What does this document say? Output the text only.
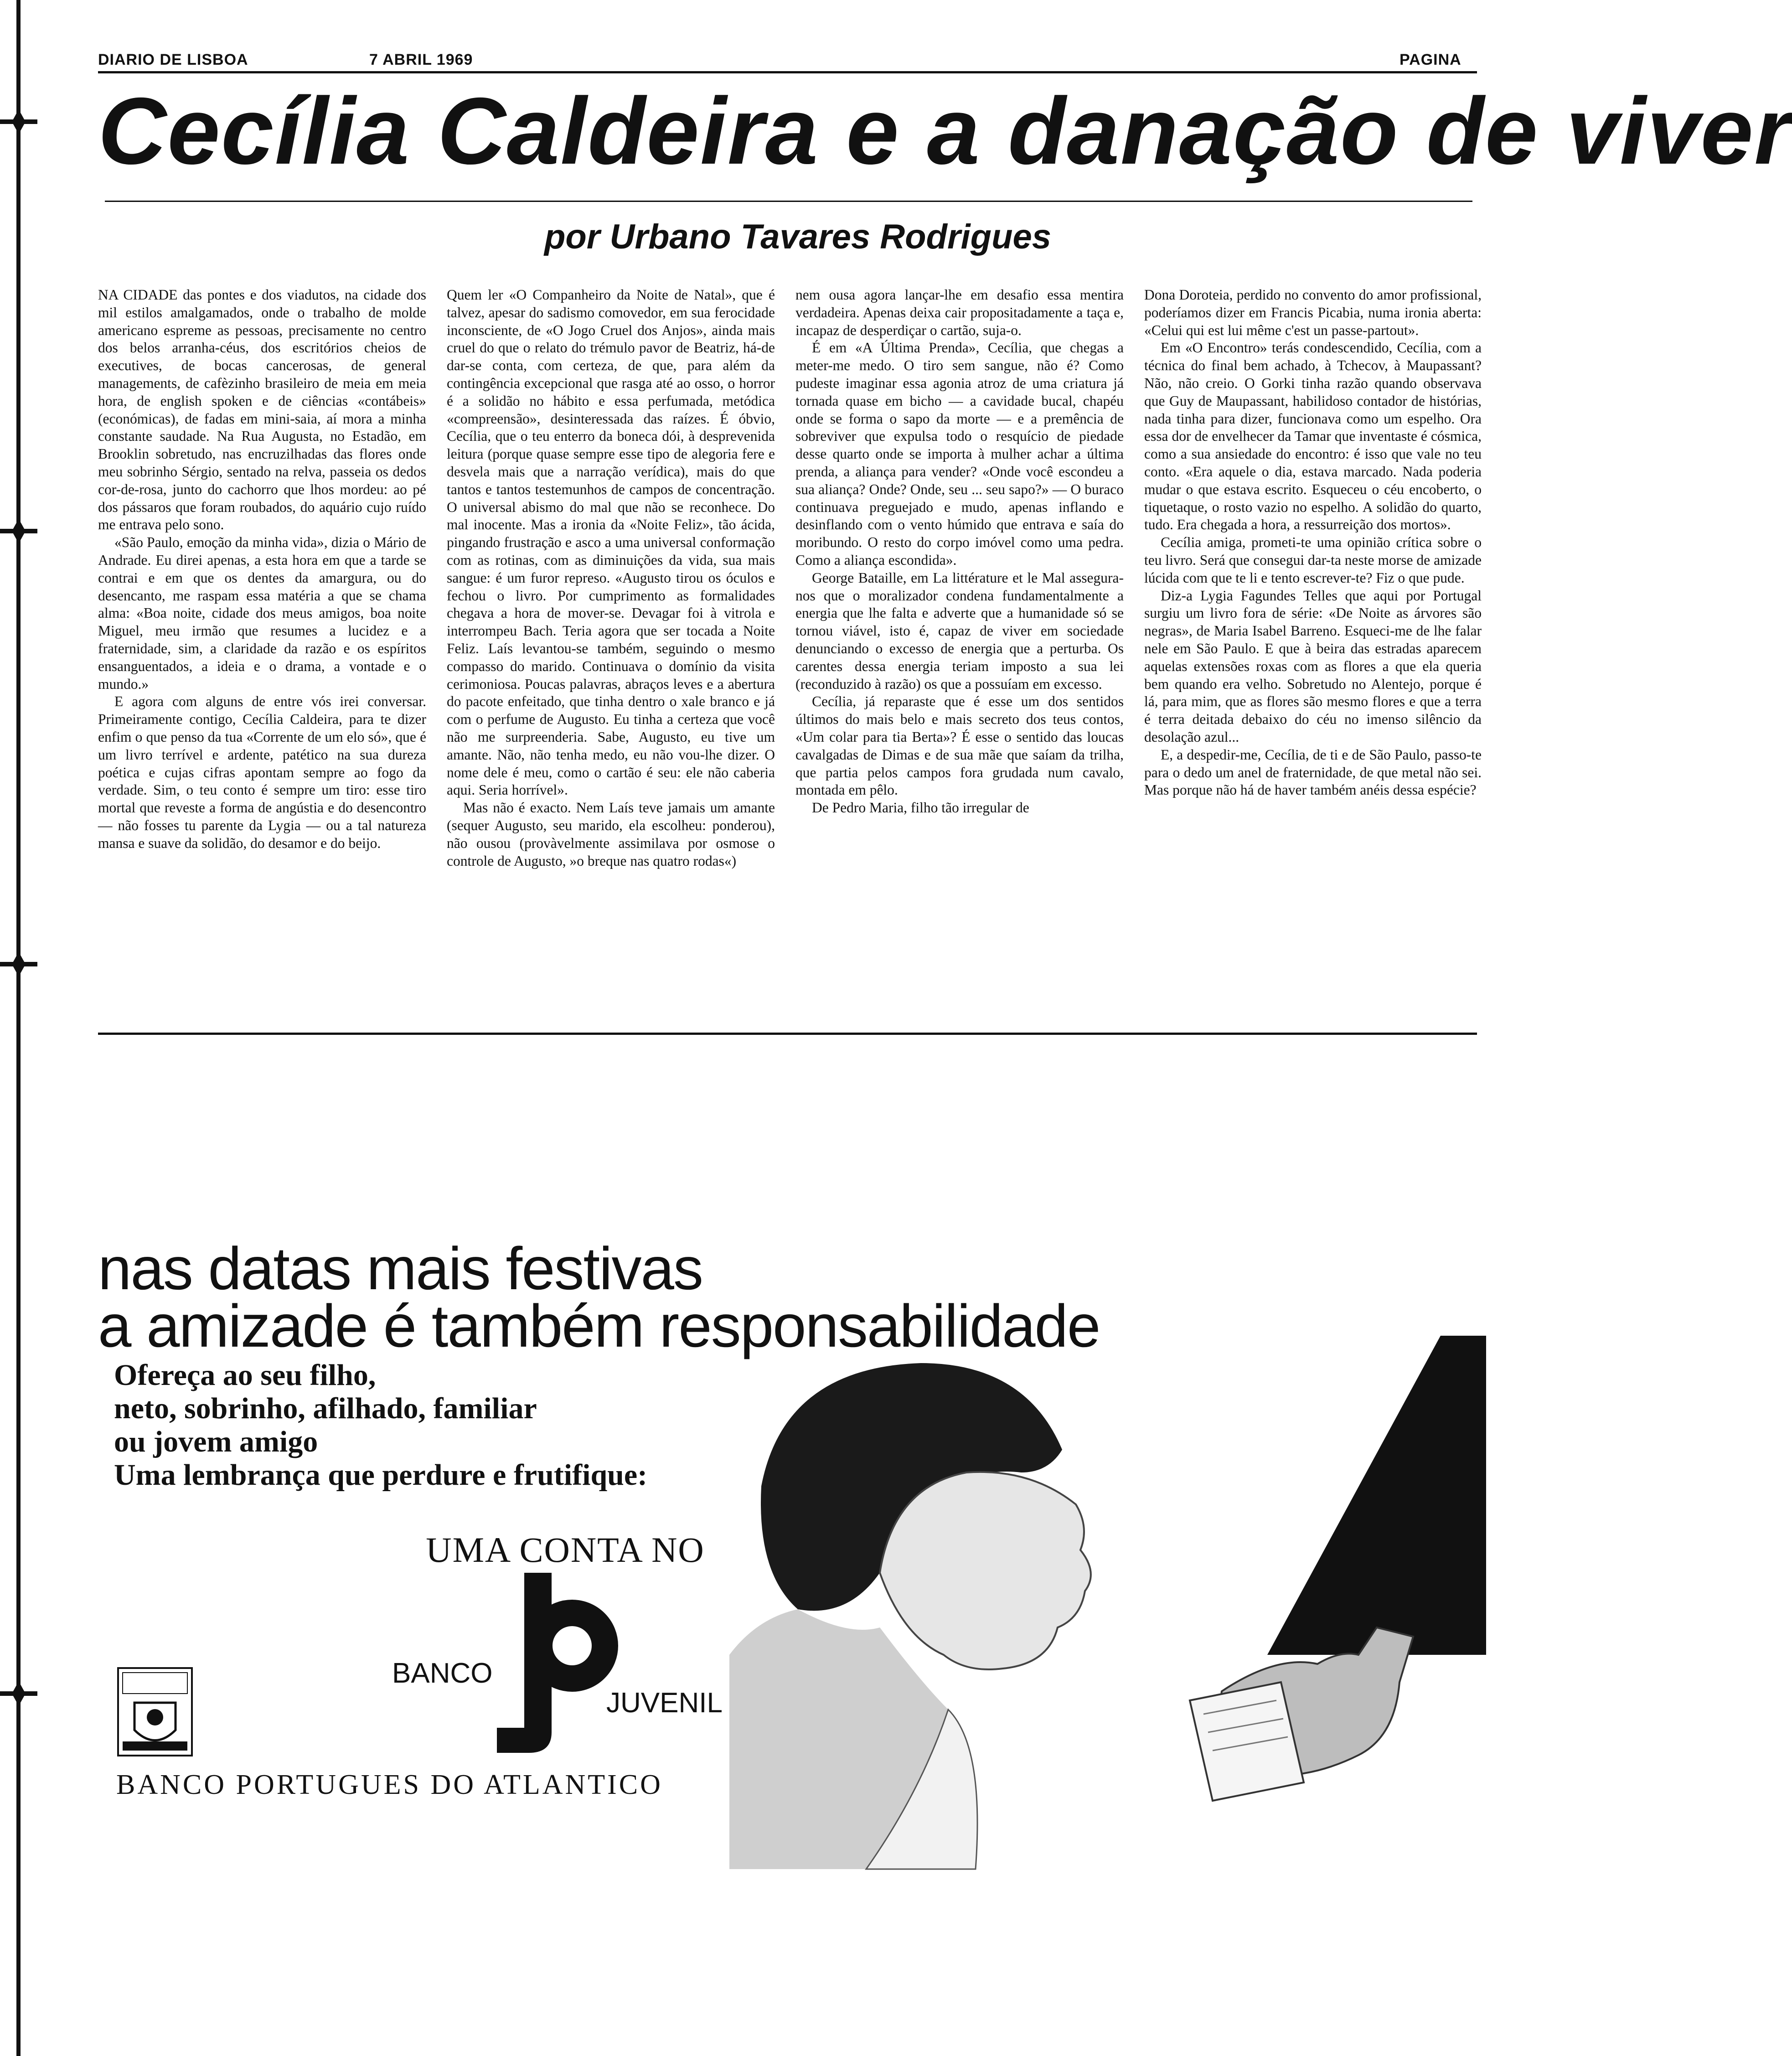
DIARIO DE LISBOA	7 ABRIL 1969	PAGINA
Cecília Caldeira e a danação de viver
por Urbano Tavares Rodrigues

NA CIDADE das pontes e dos viadutos, na cidade dos mil estilos amalgamados, onde o trabalho de molde americano espreme as pessoas, precisamente no centro dos belos arranha-céus, dos escritórios cheios de executives, de bocas cancerosas, de general managements, de cafèzinho brasileiro de meia em meia hora, de english spoken e de ciências «contábeis» (económicas), de fadas em mini-saia, aí mora a minha constante saudade. Na Rua Augusta, no Estadão, em Brooklin sobretudo, nas encruzilhadas das flores onde meu sobrinho Sérgio, sentado na relva, passeia os dedos cor-de-rosa, junto do cachorro que lhos mordeu: ao pé dos pássaros que foram roubados, do aquário cujo ruído me entrava pelo sono.

«São Paulo, emoção da minha vida», dizia o Mário de Andrade. Eu direi apenas, a esta hora em que a tarde se contrai e em que os dentes da amargura, ou do desencanto, me raspam essa matéria a que se chama alma: «Boa noite, cidade dos meus amigos, boa noite Miguel, meu irmão que resumes a lucidez e a fraternidade, sim, a claridade da razão e os espíritos ensanguentados, a ideia e o drama, a vontade e o mundo.»

E agora com alguns de entre vós irei conversar. Primeiramente contigo, Cecília Caldeira, para te dizer enfim o que penso da tua «Corrente de um elo só», que é um livro terrível e ardente, patético na sua dureza poética e cujas cifras apontam sempre ao fogo da verdade. Sim, o teu conto é sempre um tiro: esse tiro mortal que reveste a forma de angústia e do desencontro — não fosses tu parente da Lygia — ou a tal natureza mansa e suave da solidão, do desamor e do beijo.

Quem ler «O Companheiro da Noite de Natal», que é talvez, apesar do sadismo comovedor, em sua ferocidade inconsciente, de «O Jogo Cruel dos Anjos», ainda mais cruel do que o relato do trémulo pavor de Beatriz, há-de dar-se conta, com certeza, de que, para além da contingência excepcional que rasga até ao osso, o horror é a solidão no hábito e essa perfumada, metódica «compreensão», desinteressada das raízes. É óbvio, Cecília, que o teu enterro da boneca dói, à desprevenida leitura (porque quase sempre esse tipo de alegoria fere e desvela mais que a narração verídica), mais do que tantos e tantos testemunhos de campos de concentração. O universal abismo do mal que não se reconhece. Do mal inocente. Mas a ironia da «Noite Feliz», tão ácida, pingando frustração e asco a uma universal conformação com as rotinas, com as diminuições da vida, sua mais sangue: é um furor represo. «Augusto tirou os óculos e fechou o livro. Por cumprimento as formalidades chegava a hora de mover-se. Devagar foi à vitrola e interrompeu Bach. Teria agora que ser tocada a Noite Feliz. Laís levantou-se também, seguindo o mesmo compasso do marido. Continuava o domínio da visita cerimoniosa. Poucas palavras, abraços leves e a abertura do pacote enfeitado, que tinha dentro o xale branco e já com o perfume de Augusto. Eu tinha a certeza que você não me surpreenderia. Sabe, Augusto, eu tive um amante. Não, não tenha medo, eu não vou-lhe dizer. O nome dele é meu, como o cartão é seu: ele não caberia aqui. Seria horrível».

Mas não é exacto. Nem Laís teve jamais um amante (sequer Augusto, seu marido, ela escolheu: ponderou), não ousou (provàvelmente assimilava por osmose o controle de Augusto, »o breque nas quatro rodas«)

nem ousa agora lançar-lhe em desafio essa mentira verdadeira. Apenas deixa cair propositadamente a taça e, incapaz de desperdiçar o cartão, suja-o.

É em «A Última Prenda», Cecília, que chegas a meter-me medo. O tiro sem sangue, não é? Como pudeste imaginar essa agonia atroz de uma criatura já tornada quase em bicho — a cavidade bucal, chapéu onde se forma o sapo da morte — e a premência de sobreviver que expulsa todo o resquício de piedade desse quarto onde se importa à mulher achar a última prenda, a aliança para vender? «Onde você escondeu a sua aliança? Onde? Onde, seu ... seu sapo?» — O buraco continuava preguejado e mudo, apenas inflando e desinflando com o vento húmido que entrava e saía do moribundo. O resto do corpo imóvel como uma pedra. Como a aliança escondida».

George Bataille, em La littérature et le Mal assegura-nos que o moralizador condena fundamentalmente a energia que lhe falta e adverte que a humanidade só se tornou viável, isto é, capaz de viver em sociedade denunciando o excesso de energia que a perturba. Os carentes dessa energia teriam imposto a sua lei (reconduzido à razão) os que a possuíam em excesso.

Cecília, já reparaste que é esse um dos sentidos últimos do mais belo e mais secreto dos teus contos, «Um colar para tia Berta»? É esse o sentido das loucas cavalgadas de Dimas e de sua mãe que saíam da trilha, que partia pelos campos fora grudada num cavalo, montada em pêlo.

De Pedro Maria, filho tão irregular de

Dona Doroteia, perdido no convento do amor profissional, poderíamos dizer em Francis Picabia, numa ironia aberta: «Celui qui est lui même c'est un passe-partout».

Em «O Encontro» terás condescendido, Cecília, com a técnica do final bem achado, à Tchecov, à Maupassant? Não, não creio. O Gorki tinha razão quando observava que Guy de Maupassant, habilidoso contador de histórias, nada tinha para dizer, funcionava como um espelho. Ora essa dor de envelhecer da Tamar que inventaste é cósmica, como a sua ansiedade do encontro: é isso que vale no teu conto. «Era aquele o dia, estava marcado. Nada poderia mudar o que estava escrito. Esqueceu o céu encoberto, o tiquetaque, o rosto vazio no espelho. A solidão do quarto, tudo. Era chegada a hora, a ressurreição dos mortos».

Cecília amiga, prometi-te uma opinião crítica sobre o teu livro. Será que consegui dar-ta neste morse de amizade lúcida com que te li e tento escrever-te? Fiz o que pude.

Diz-a Lygia Fagundes Telles que aqui por Portugal surgiu um livro fora de série: «De Noite as árvores são negras», de Maria Isabel Barreno. Esqueci-me de lhe falar nele em São Paulo. E que à beira das estradas aparecem aquelas extensões roxas com as flores a que ela queria bem quando era velho. Sobretudo no Alentejo, porque é lá, para mim, que as flores são mesmo flores e que a terra é terra deitada debaixo do céu no imenso silêncio da desolação azul...

E, a despedir-me, Cecília, de ti e de São Paulo, passo-te para o dedo um anel de fraternidade, de que metal não sei. Mas porque não há de haver também anéis dessa espécie?

nas datas mais festivas
a amizade é também responsabilidade
Ofereça ao seu filho,
neto, sobrinho, afilhado, familiar
ou jovem amigo
Uma lembrança que perdure e frutifique:
UMA CONTA NO
BANCO
JUVENIL
BANCO PORTUGUES DO ATLANTICO
